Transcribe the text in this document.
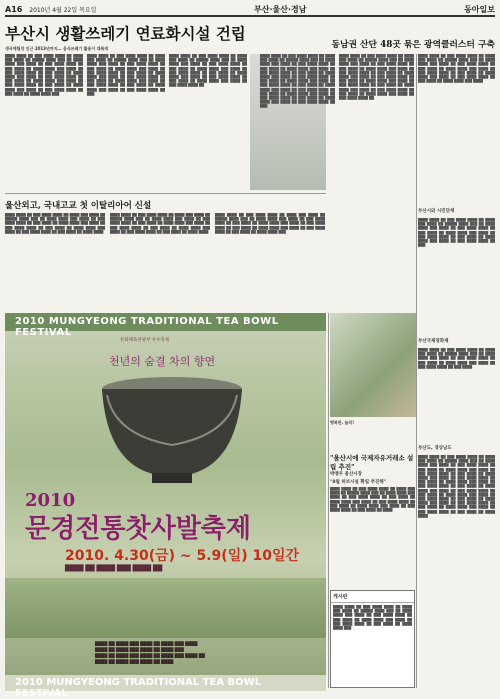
A16 2010년 4월 22일 목요일	부산·울산·경남	동아일보
부산시 생활쓰레기 연료화시설 건립
생곡매립장 인근 2013년까지… 음식쓰레기 활용이 대폭적
████ ████ ██ ███ ████ ████ ██ ████ ███ ████ ██ █████ ████ ███ ██ ████ ████ ███ ████ ██ ███ ████ ████ ██ ███ ████ ██ ████ ████ ███ ████ ██ ███ ████ ████ ██ ███ ████ ██ ████ ████ ███ ████ ██ ███ ████ ████ ██ ███ ████ ██ ████ ████ ███ ████ ██ ███ ████ ████ ██ ███ ████ ██ ████ ████ ███ ████ ██ ███ ████ ████ ██ ███ ████ ██ ████ ████ ███
████ ████ ██ ███ ████ ████ ██ ████ ███ ████ ██ █████ ████ ███ ██ ████ ████ ███ ████ ██ ███ ████ ████ ██ ███ ████ ██ ████ ████ ███ ████ ██ ███ ████ ████ ██ ███ ████ ██ ████ ████ ███ ████ ██ ███ ████ ████ ██ ███ ████ ██ ████ ████ ███ ████ ██ ███ ████ ████ ██ ███ ████ ██ ████ ████ ███ ████ ██ ███ ████ ████ ██ ███
████ ████ ██ ███ ████ ████ ██ ████ ███ ████ ██ █████ ████ ███ ██ ████ ████ ███ ████ ██ ███ ████ ████ ██ ███ ████ ██ ████ ████ ███ ████ ██ ███ ████ ████ ██ ███ ████ ██ ████ ████ ███ ████ ██ ███ ████ ████ ██ ███ ████ ██ ████ ████ ███ ████ ██ ███ ████ ████ ██
울산외고, 국내고교 첫 이탈리아어 신설
████ ████ ██ ███ ████ ████ ██ ████ ███ ████ ██ █████ ████ ███ ██ ████ ████ ███ ████ ██ ███ ████ ████ ██ ███ ████ ██ ████ ████ ███ ████ ██ ███ ████ ████ ██ ███ ████ ██ ████ ████ ███ ████ ██ ███ ████ ████ ██ ███ ████ ██ ████ ████
████ ████ ██ ███ ████ ████ ██ ████ ███ ████ ██ █████ ████ ███ ██ ████ ████ ███ ████ ██ ███ ████ ████ ██ ███ ████ ██ ████ ████ ███ ████ ██ ███ ████ ████ ██ ███ ████ ██ ████ ████ ███ ████ ██ ███ ████ ████ ██ ███ ████ ██ ████ ████
████ ████ ██ ███ ████ ████ ██ ████ ███ ████ ██ █████ ████ ███ ██ ████ ████ ███ ████ ██ ███ ████ ████ ██ ███ ████ ██ ████ ████ ███ ████ ██ ███ ████ ████ ██ ███ ████ ██ ████ ████ ███ ████ ██ ███ ████ ████ ██ ███ ████ ██ ████ ████ ███
2010 MUNGYEONG TRADITIONAL TEA BOWL FESTIVAL
문화체육관광부 우수축제
천년의 숨결 차의 향연
2010
문경전통찻사발축제
2010. 4.30(금) ~ 5.9(일) 10일간
████ ██ ████ ███ ████ ██
████ ██ ████ ███ ████ ██ ████ ███ ████
████ ██ ████ ███ ████ ██ ████ ███
████ ██ ████ ███ ████ ██ ████ ███ ████ ██
████ ██ ████ ███ ████ ██ ████
2010 MUNGYEONG TRADITIONAL TEA BOWL FESTIVAL
동남권 산단 48곳 묶은 광역클러스터 구축
████ ████ ██ ███ ████ ████ ██ ████ ███ ████ ██ █████ ████ ███ ██ ████ ████ ███ ████ ██ ███ ████ ████ ██ ███ ████ ██ ████ ████ ███ ████ ██ ███ ████ ████ ██ ███ ████ ██ ████ ████ ███ ████ ██ ███ ████ ████ ██ ███ ████ ██ ████ ████ ███ ████ ██ ███ ████ ████ ██ ███ ████ ██ ████ ████ ███ ████ ██ ███ ████ ████ ██ ███ ████ ██ ████ ████ ███ ████ ██ ███ ████ ████ ██ ███ ████ ██ ████ ████ ███ ████ ██ ███ ████ ████ ██ ███
████ ████ ██ ███ ████ ████ ██ ████ ███ ████ ██ █████ ████ ███ ██ ████ ████ ███ ████ ██ ███ ████ ████ ██ ███ ████ ██ ████ ████ ███ ████ ██ ███ ████ ████ ██ ███ ████ ██ ████ ████ ███ ████ ██ ███ ████ ████ ██ ███ ████ ██ ████ ████ ███ ████ ██ ███ ████ ████ ██ ███ ████ ██ ████ ████ ███ ████ ██ ███ ████ ████ ██ ███ ████ ██ ████ ████ ███ ████ ██ ███ ████ ████ ██
████ ████ ██ ███ ████ ████ ██ ████ ███ ████ ██ █████ ████ ███ ██ ████ ████ ███ ████ ██ ███ ████ ████ ██ ███ ████ ██ ████ ████ ███ ████ ██ ███ ████ ████ ██ ███ ████ ██ ████ ████ ███ ████ ██ ███ ████ ████ ██ ███ ████ ██ ████ ████ ███ ████
부산시와 시민단체
████ ████ ██ ███ ████ ████ ██ ████ ███ ████ ██ █████ ████ ███ ██ ████ ████ ███ ████ ██ ███ ████ ████ ██ ███ ████ ██ ████ ████ ███ ████ ██ ███ ████ ████ ██ ███ ████ ██ ████ ████ ███ ████ ██ ███ ████ ████ ██ ███
행복한, 놀러!
"울산시에 국제자유거래소 설립 추진"
박맹우 울산시장
"8월 허브시설 확립 추진해"
████ ████ ██ ███ ████ ████ ██ ████ ███ ████ ██ █████ ████ ███ ██ ████ ████ ███ ████ ██ ███ ████ ████ ██ ███ ████ ██ ████ ████ ███ ████ ██ ███ ████ ████ ██ ███ ████ ██ ████ ████ ███ ████ ██ ███ ████ ████ ██ ███ ████ ██ ████
게시판
████ ████ ██ ███ ████ ████ ██ ████ ███ ████ ██ █████ ████ ███ ██ ████ ████ ███ ████ ██ ███ ████ ████ ██ ███ ████ ██ ████ ████ ███ ████ ██ ███ ████ ████ ██ ███ ████ ██ ████ ████ ███
부산국제영화제
████ ████ ██ ███ ████ ████ ██ ████ ███ ████ ██ █████ ████ ███ ██ ████ ████ ███ ████ ██ ███ ████ ████ ██ ███ ████ ██ ████ ████ ███ ████ ██ ███ ████ ████ ██ ███ ████
부산도, 경상남도
████ ████ ██ ███ ████ ████ ██ ████ ███ ████ ██ █████ ████ ███ ██ ████ ████ ███ ████ ██ ███ ████ ████ ██ ███ ████ ██ ████ ████ ███ ████ ██ ███ ████ ████ ██ ███ ████ ██ ████ ████ ███ ████ ██ ███ ████ ████ ██ ███ ████ ██ ████ ████ ███ ████ ██ ███ ████ ████ ██ ███ ████ ██ ████ ████ ███ ████ ██ ███ ████ ████ ██ ███ ████ ██ ████ ████ ███ ████ ██ ███ ████ ████ ██ ███ ████ ██ ████ ████ ███ ████ ██ ███ ████ ████ ██ ███ ████ ██ ████ ████ ███ ████ ██ ███ ████ ████ ██ ███ ████ ██ ████ ████
